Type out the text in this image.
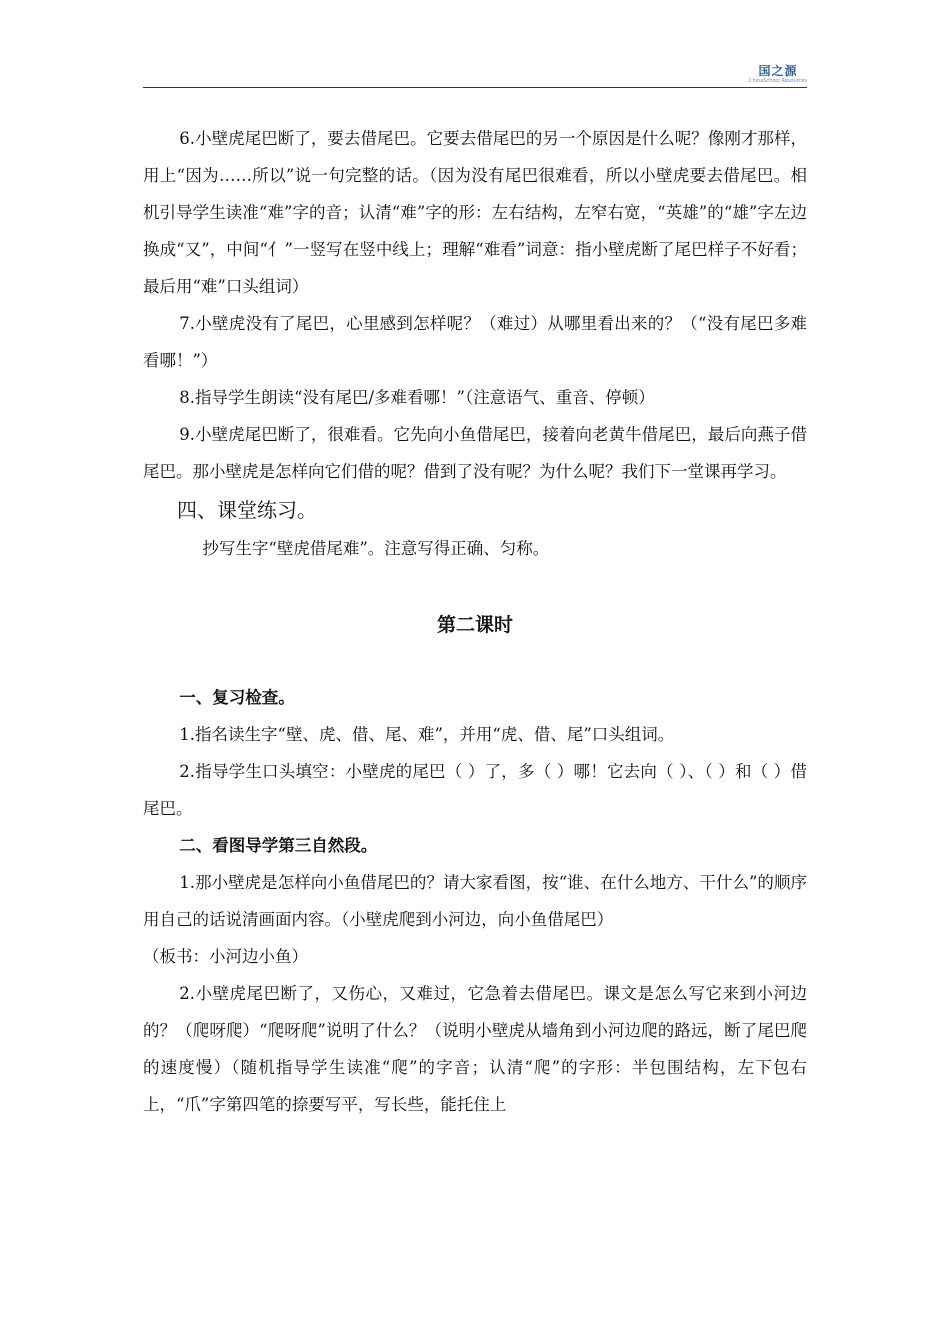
国之源
ChinaSchool Resources

6.小壁虎尾巴断了，要去借尾巴。它要去借尾巴的另一个原因是什么呢？像刚才那样，用上“因为……所以”说一句完整的话。（因为没有尾巴很难看，所以小壁虎要去借尾巴。相机引导学生读准“难”字的音；认清“难”字的形：左右结构，左窄右宽，“英雄”的“雄”字左边换成“又”，中间“亻”一竖写在竖中线上；理解“难看”词意：指小壁虎断了尾巴样子不好看；最后用“难”口头组词）

7.小壁虎没有了尾巴，心里感到怎样呢？（难过）从哪里看出来的？（“没有尾巴多难看哪！”）

8.指导学生朗读“没有尾巴/多难看哪！”（注意语气、重音、停顿）

9.小壁虎尾巴断了，很难看。它先向小鱼借尾巴，接着向老黄牛借尾巴，最后向燕子借尾巴。那小壁虎是怎样向它们借的呢？借到了没有呢？为什么呢？我们下一堂课再学习。

四、课堂练习。

抄写生字“壁虎借尾难”。注意写得正确、匀称。

第二课时

一、复习检查。

1.指名读生字“壁、虎、借、尾、难”，并用“虎、借、尾”口头组词。

2.指导学生口头填空：小壁虎的尾巴（ ）了，多（ ）哪！它去向（ ）、（ ）和（ ）借尾巴。

二、看图导学第三自然段。

1.那小壁虎是怎样向小鱼借尾巴的？请大家看图，按“谁、在什么地方、干什么”的顺序用自己的话说清画面内容。（小壁虎爬到小河边，向小鱼借尾巴）

（板书：小河边小鱼）

2.小壁虎尾巴断了，又伤心，又难过，它急着去借尾巴。课文是怎么写它来到小河边的？（爬呀爬）“爬呀爬”说明了什么？（说明小壁虎从墙角到小河边爬的路远，断了尾巴爬的速度慢）（随机指导学生读准“爬”的字音；认清“爬”的字形：半包围结构，左下包右上，“爪”字第四笔的捺要写平，写长些，能托住上
